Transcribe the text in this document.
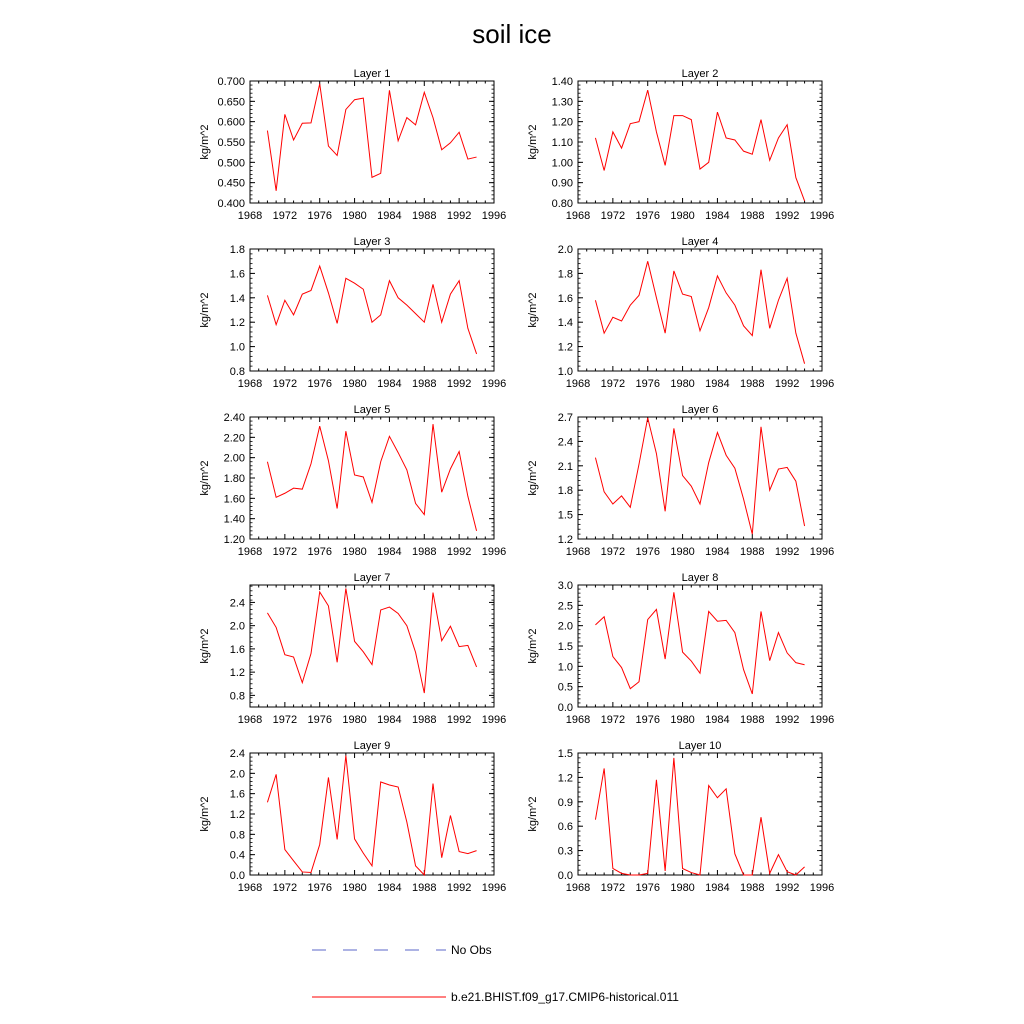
soil ice
Layer 1
1968 1972 1976 1980 1984 1988 1992 1996
0.400
0.450
0.500
0.550
0.600
0.650
0.700
kg/m^2
Layer 2
1968 1972 1976 1980 1984 1988 1992 1996
0.80
0.90
1.00
1.10
1.20
1.30
1.40
kg/m^2
Layer 3
1968 1972 1976 1980 1984 1988 1992 1996
0.8
1.0
1.2
1.4
1.6
1.8
kg/m^2
Layer 4
1968 1972 1976 1980 1984 1988 1992 1996
1.0
1.2
1.4
1.6
1.8
2.0
kg/m^2
Layer 5
1968 1972 1976 1980 1984 1988 1992 1996
1.20
1.40
1.60
1.80
2.00
2.20
2.40
kg/m^2
Layer 6
1968 1972 1976 1980 1984 1988 1992 1996
1.2
1.5
1.8
2.1
2.4
2.7
kg/m^2
Layer 7
1968 1972 1976 1980 1984 1988 1992 1996
0.8
1.2
1.6
2.0
2.4
kg/m^2
Layer 8
1968 1972 1976 1980 1984 1988 1992 1996
0.0
0.5
1.0
1.5
2.0
2.5
3.0
kg/m^2
Layer 9
1968 1972 1976 1980 1984 1988 1992 1996
0.0
0.4
0.8
1.2
1.6
2.0
2.4
kg/m^2
Layer 10
1968 1972 1976 1980 1984 1988 1992 1996
0.0
0.3
0.6
0.9
1.2
1.5
kg/m^2
No Obs
b.e21.BHIST.f09_g17.CMIP6-historical.011
